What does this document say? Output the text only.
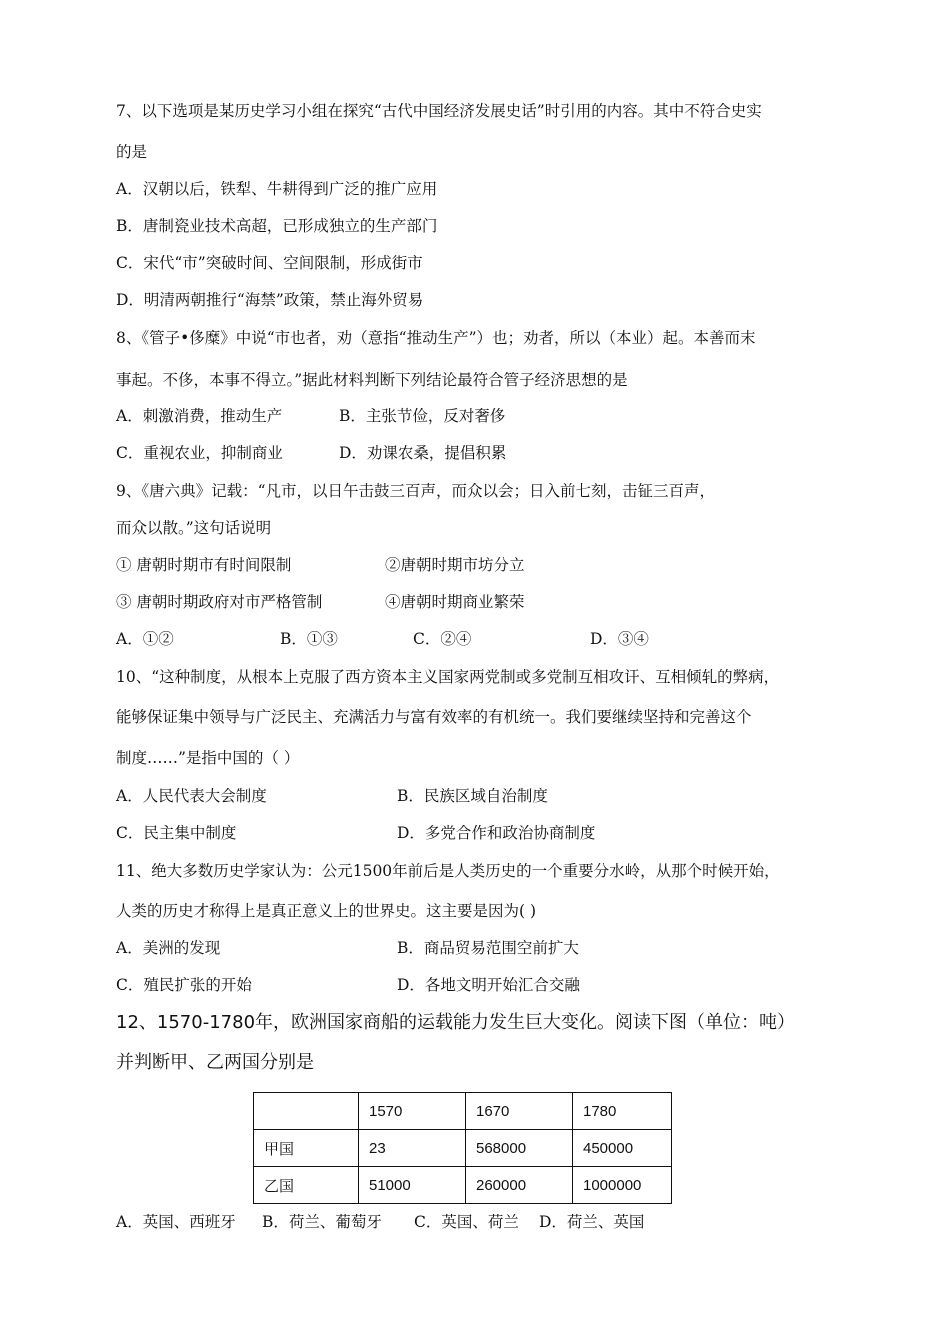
7、以下选项是某历史学习小组在探究“古代中国经济发展史话”时引用的内容。其中不符合史实
的是
A．汉朝以后，铁犁、牛耕得到广泛的推广应用
B．唐制瓷业技术高超，已形成独立的生产部门
C．宋代“市”突破时间、空间限制，形成街市
D．明清两朝推行“海禁”政策，禁止海外贸易
8、《管子•侈糜》中说“市也者，劝（意指“推动生产”）也；劝者，所以（本业）起。本善而末
事起。不侈，本事不得立。”据此材料判断下列结论最符合管子经济思想的是
A．刺激消费，推动生产	B．主张节俭，反对奢侈
C．重视农业，抑制商业	D．劝课农桑，提倡积累
9、《唐六典》记载：“凡市，以日午击鼓三百声，而众以会；日入前七刻，击钲三百声，
而众以散。”这句话说明
① 唐朝时期市有时间限制	②唐朝时期市坊分立
③ 唐朝时期政府对市严格管制	④唐朝时期商业繁荣
A．①②	B．①③	C．②④	D．③④
10、“这种制度，从根本上克服了西方资本主义国家两党制或多党制互相攻讦、互相倾轧的弊病，
能够保证集中领导与广泛民主、充满活力与富有效率的有机统一。我们要继续坚持和完善这个
制度……”是指中国的（ ）
A．人民代表大会制度	B．民族区域自治制度
C．民主集中制度	D．多党合作和政治协商制度
11、绝大多数历史学家认为：公元1500年前后是人类历史的一个重要分水岭，从那个时候开始，
人类的历史才称得上是真正意义上的世界史。这主要是因为( )
A．美洲的发现	B．商品贸易范围空前扩大
C．殖民扩张的开始	D．各地文明开始汇合交融
12、1570-1780年，欧洲国家商船的运载能力发生巨大变化。阅读下图（单位：吨）
并判断甲、乙两国分别是
	1570	1670	1780
甲国	23	568000	450000
乙国	51000	260000	1000000
A．英国、西班牙 B．荷兰、葡萄牙 C．英国、荷兰 D．荷兰、英国
